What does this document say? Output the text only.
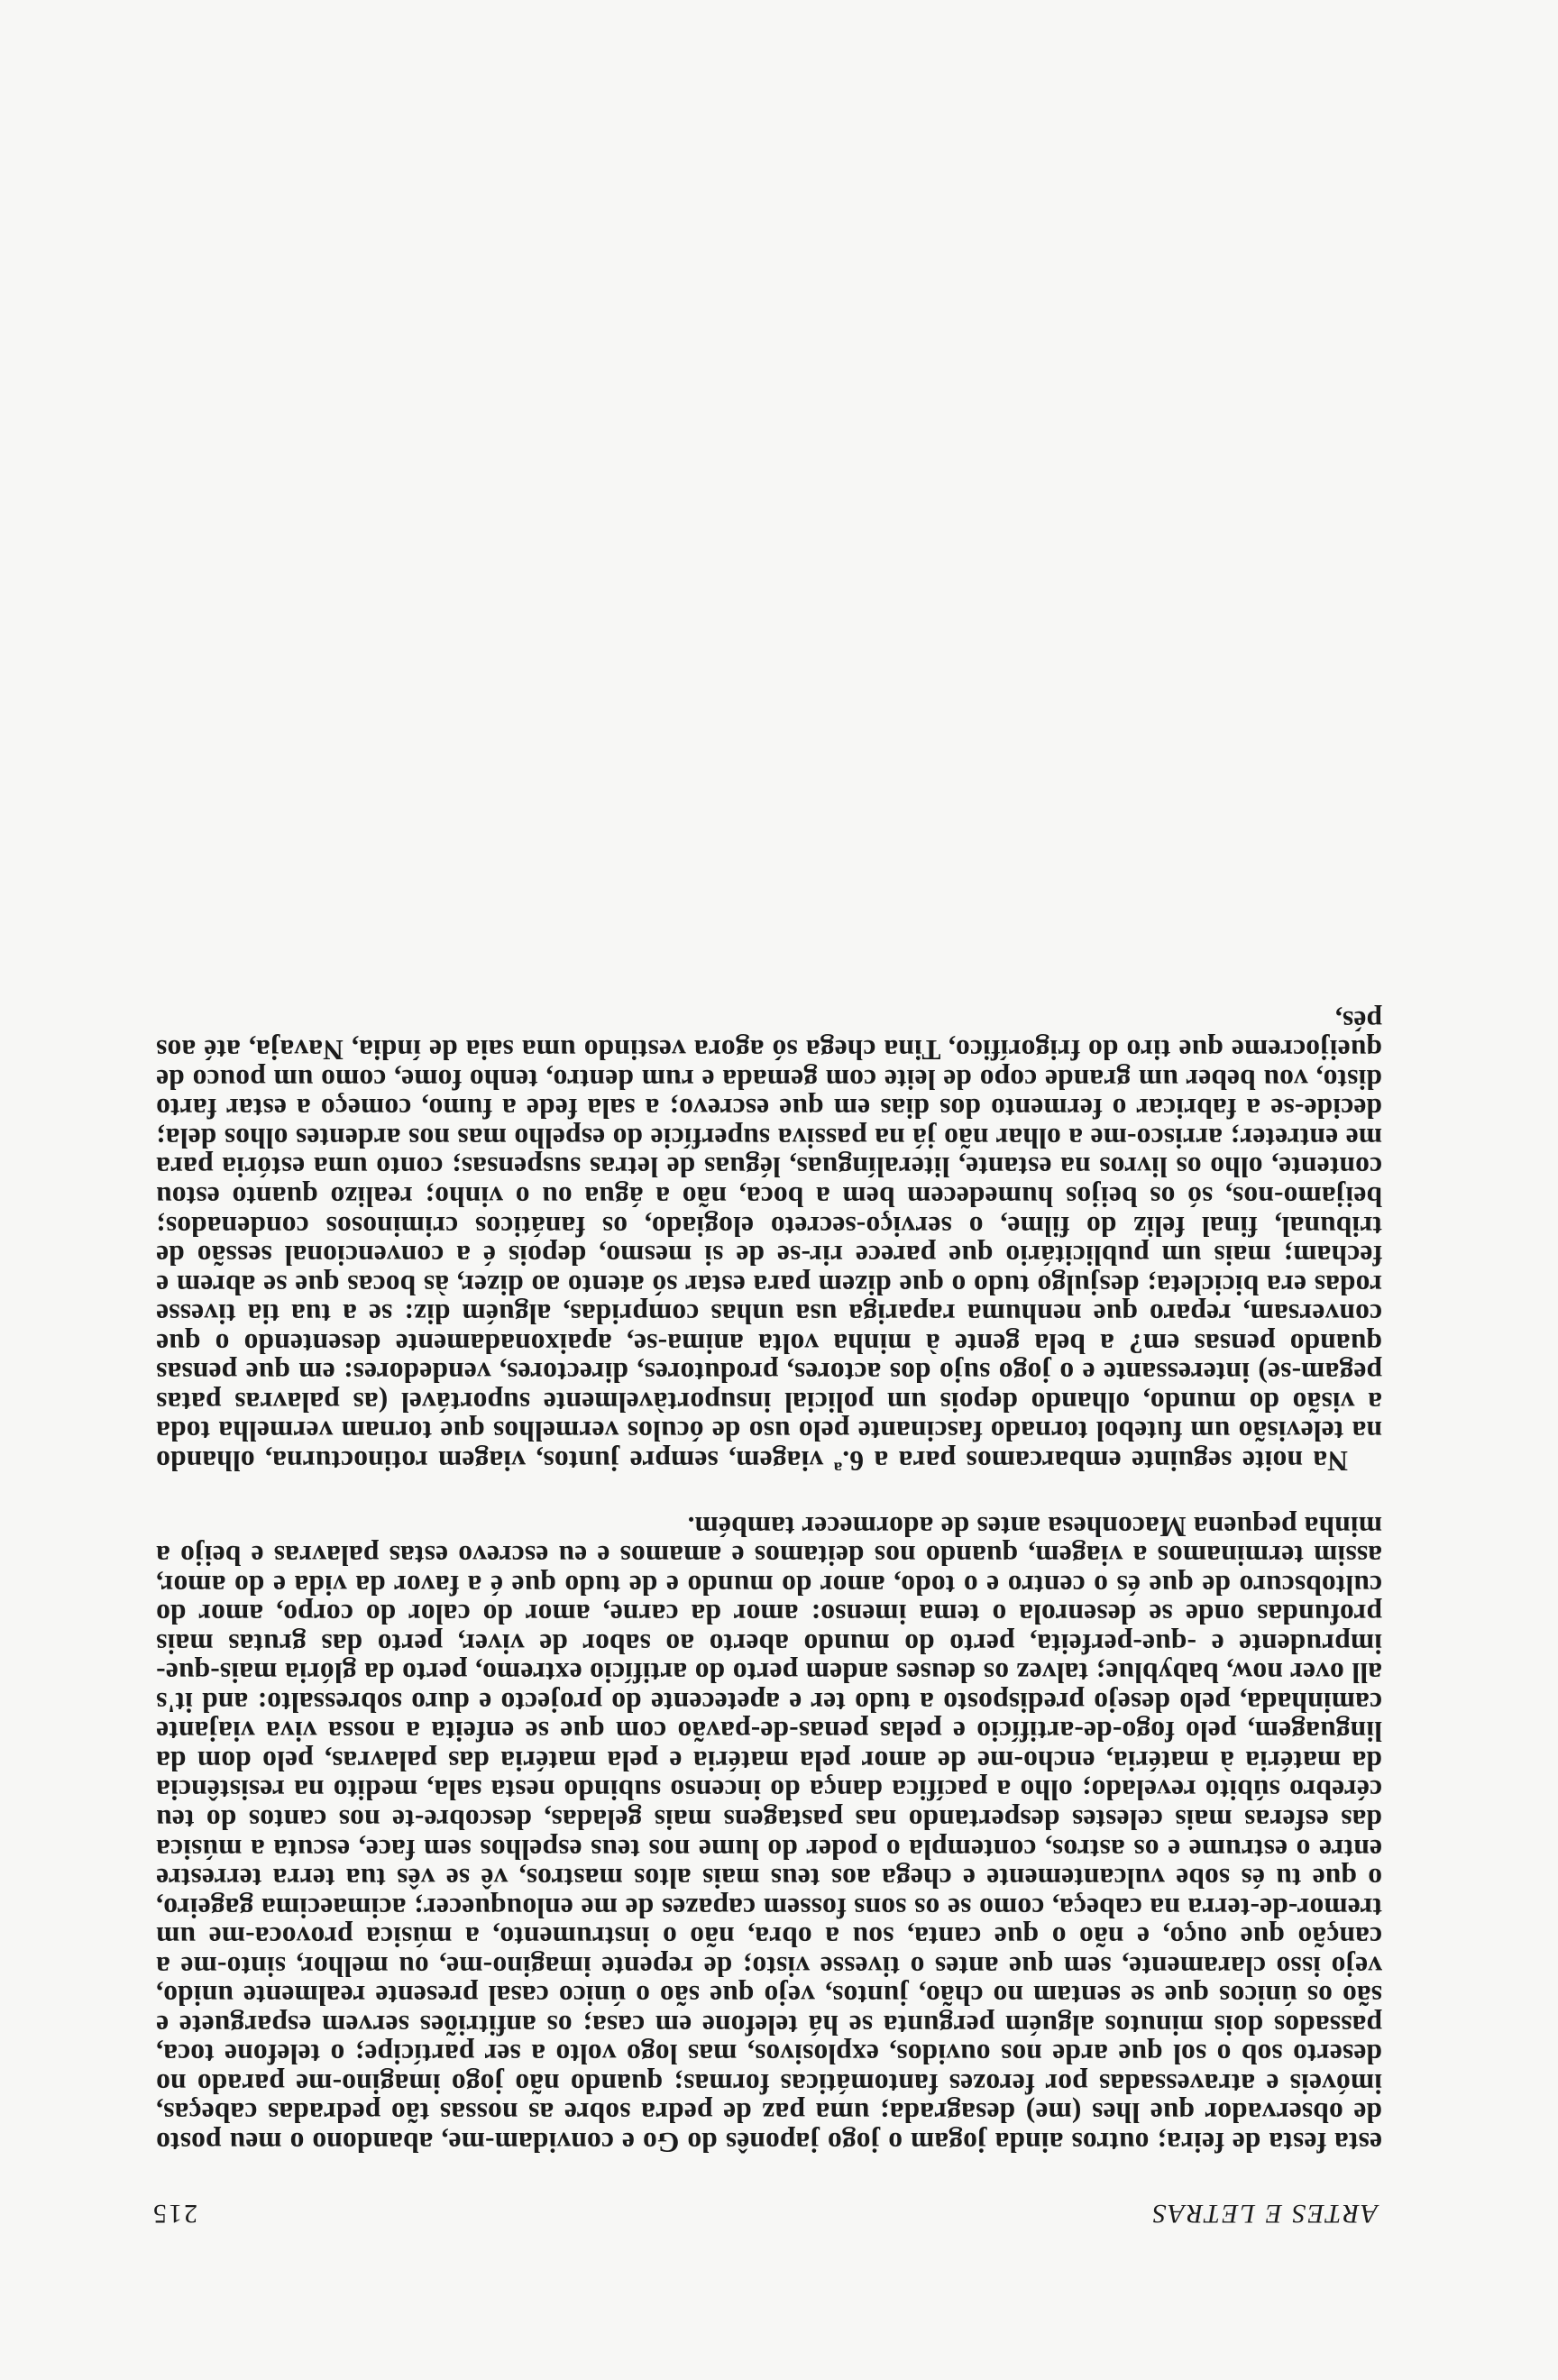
ARTES E LETRAS
215

esta festa de feira; outros ainda jogam o jogo japonês do Go e convidam-me, abandono o meu posto de observador que lhes (me) desagrada; uma paz de pedra sobre as nossas tão pedradas cabeças, imóveis e atravessadas por ferozes fantomáticas formas; quando não jogo imagino-me parado no deserto sob o sol que arde nos ouvidos, explosivos, mas logo volto a ser partícipe; o telefone toca, passados dois minutos alguém pergunta se há telefone em casa; os anfitriões servem esparguete e são os únicos que se sentam no chão, juntos, vejo que são o único casal presente realmente unido, vejo isso claramente, sem que antes o tivesse visto; de repente imagino-me, ou melhor, sinto-me a canção que ouço, e não o que canta, sou a obra, não o instrumento, a música provoca-me um tremor-de-terra na cabeça, como se os sons fossem capazes de me enlouquecer; acimaecima gageiro, o que tu és sobe vulcantemente e chega aos teus mais altos mastros, vê se vês tua terra terrestre entre o estrume e os astros, contempla o poder do lume nos teus espelhos sem face, escuta a música das esferas mais celestes despertando nas pastagens mais geladas, descobre-te nos cantos do teu cérebro súbito revelado; olho a pacífica dança do incenso subindo nesta sala, medito na resistência da matéria à matéria, encho-me de amor pela matéria e pela matéria das palavras, pelo dom da linguagem, pelo fogo-de-artifício e pelas penas-de-pavão com que se enfeita a nossa viva viajante caminhada, pelo desejo predisposto a tudo ter e apetecente do projecto e duro sobressalto: and it's all over now, babyblue; talvez os deuses andem perto do artifício extremo, perto da glória mais-que-imprudente e -que-perfeita, perto do mundo aberto ao sabor de viver, perto das grutas mais profundas onde se desenrola o tema imenso: amor da carne, amor do calor do corpo, amor do cultobscuro de que és o centro e o todo, amor do mundo e de tudo que é a favor da vida e do amor, assim terminamos a viagem, quando nos deitamos e amamos e eu escrevo estas palavras e beijo a minha pequena Maconhesa antes de adormecer também.

Na noite seguinte embarcamos para a 6.ª viagem, sempre juntos, viagem rotinocturna, olhando na televisão um futebol tornado fascinante pelo uso de óculos vermelhos que tornam vermelha toda a visão do mundo, olhando depois um policial insuportàvelmente suportável (as palavras patas pegam-se) interessante e o jogo sujo dos actores, produtores, directores, vendedores: em que pensas quando pensas em? a bela gente à minha volta anima-se, apaixonadamente desentendo o que conversam, reparo que nenhuma rapariga usa unhas compridas, alguém diz: se a tua tia tivesse rodas era bicicleta; desjulgo tudo o que dizem para estar só atento ao dizer, às bocas que se abrem e fecham; mais um publicitário que parece rir-se de si mesmo, depois é a convencional sessão de tribunal, final feliz do filme, o serviço-secreto elogiado, os fanáticos criminosos condenados; beijamo-nos, só os beijos humedecem bem a boca, não a água ou o vinho; realizo quanto estou contente, olho os livros na estante, literalínguas, léguas de letras suspensas; conto uma estória para me entreter; arrisco-me a olhar não já na passiva superfície do espelho mas nos ardentes olhos dela; decide-se a fabricar o fermento dos dias em que escrevo; a sala fede a fumo, começo a estar farto disto, vou beber um grande copo de leite com gemada e rum dentro, tenho fome, como um pouco de queijocreme que tiro do frigorífico, Tina chega só agora vestindo uma saia de índia, Navaja, até aos pés,
